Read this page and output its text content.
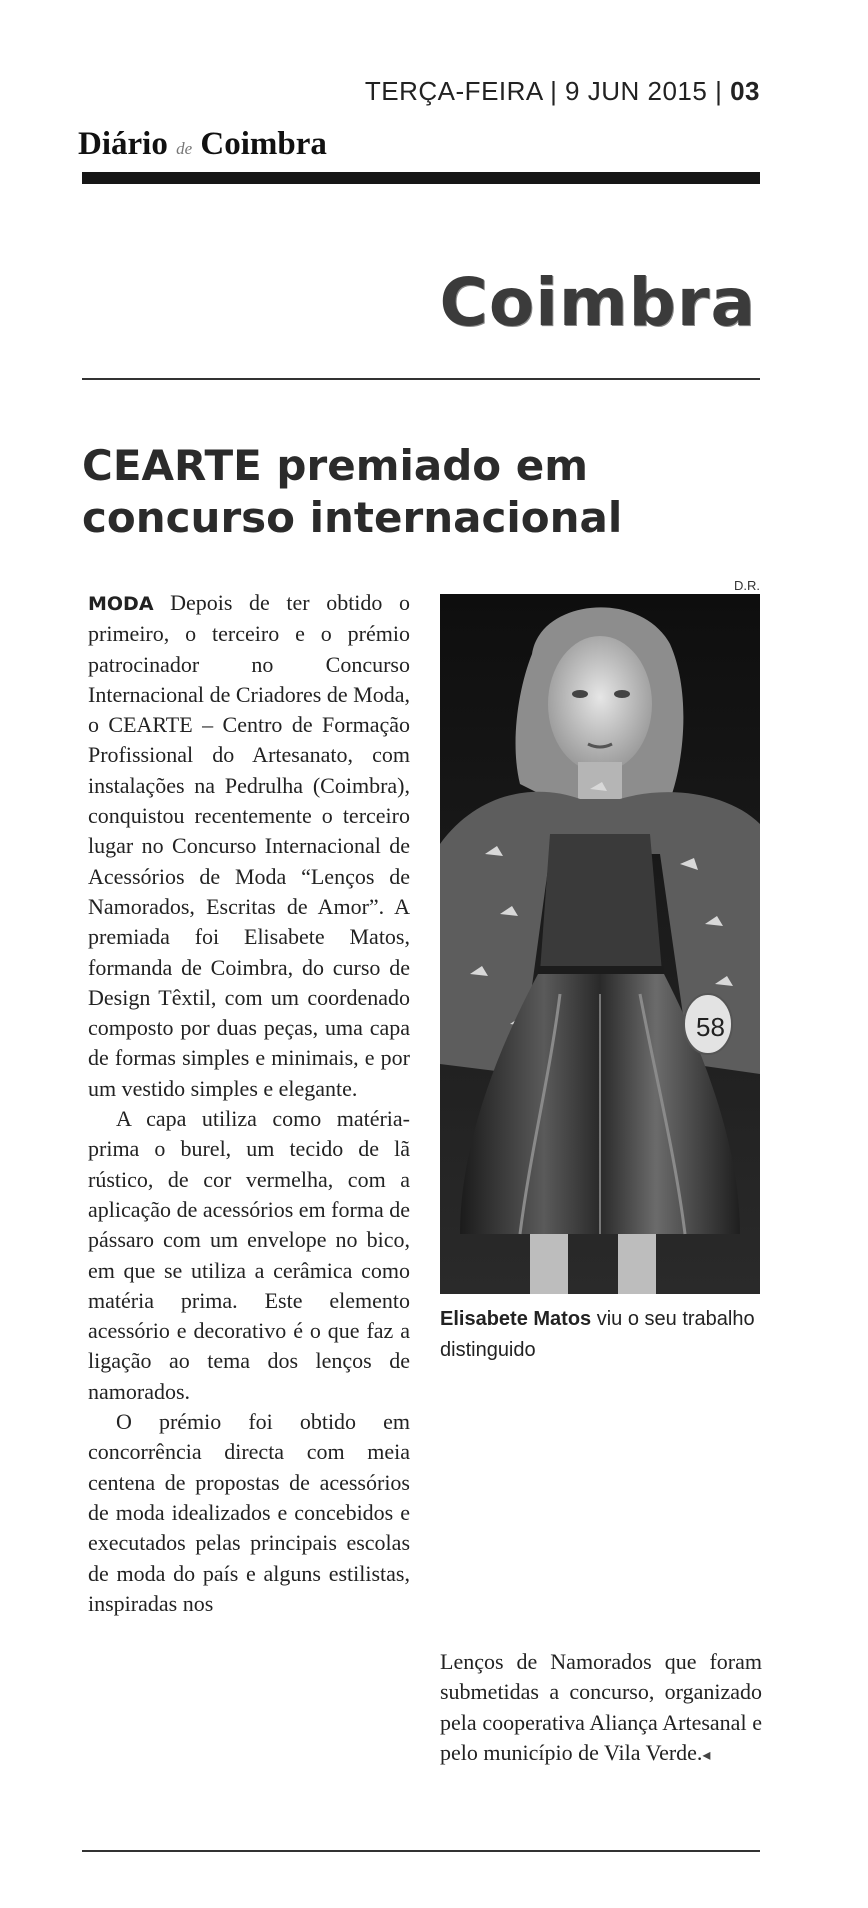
TERÇA-FEIRA | 9 JUN 2015 | 03
Diário de Coimbra
Coimbra
CEARTE premiado em
concurso internacional

MODA Depois de ter obtido o primeiro, o terceiro e o prémio patrocinador no Concurso Internacional de Criadores de Moda, o CEARTE – Centro de Formação Profissional do Artesanato, com instalações na Pedrulha (Coimbra), conquistou recentemente o terceiro lugar no Concurso Internacional de Acessórios de Moda “Lenços de Namorados, Escritas de Amor”. A premiada foi Elisabete Matos, formanda de Coimbra, do curso de Design Têxtil, com um coordenado composto por duas peças, uma capa de formas simples e minimais, e por um vestido simples e elegante.

A capa utiliza como matéria-prima o burel, um tecido de lã rústico, de cor vermelha, com a aplicação de acessórios em forma de pássaro com um envelope no bico, em que se utiliza a cerâmica como matéria prima. Este elemento acessório e decorativo é o que faz a ligação ao tema dos lenços de namorados.

O prémio foi obtido em concorrência directa com meia centena de propostas de acessórios de moda idealizados e concebidos e executados pelas principais escolas de moda do país e alguns estilistas, inspiradas nos

D.R.
58
Elisabete Matos viu o seu trabalho distinguido

Lenços de Namorados que foram submetidas a concurso, organizado pela cooperativa Aliança Artesanal e pelo município de Vila Verde.◂
